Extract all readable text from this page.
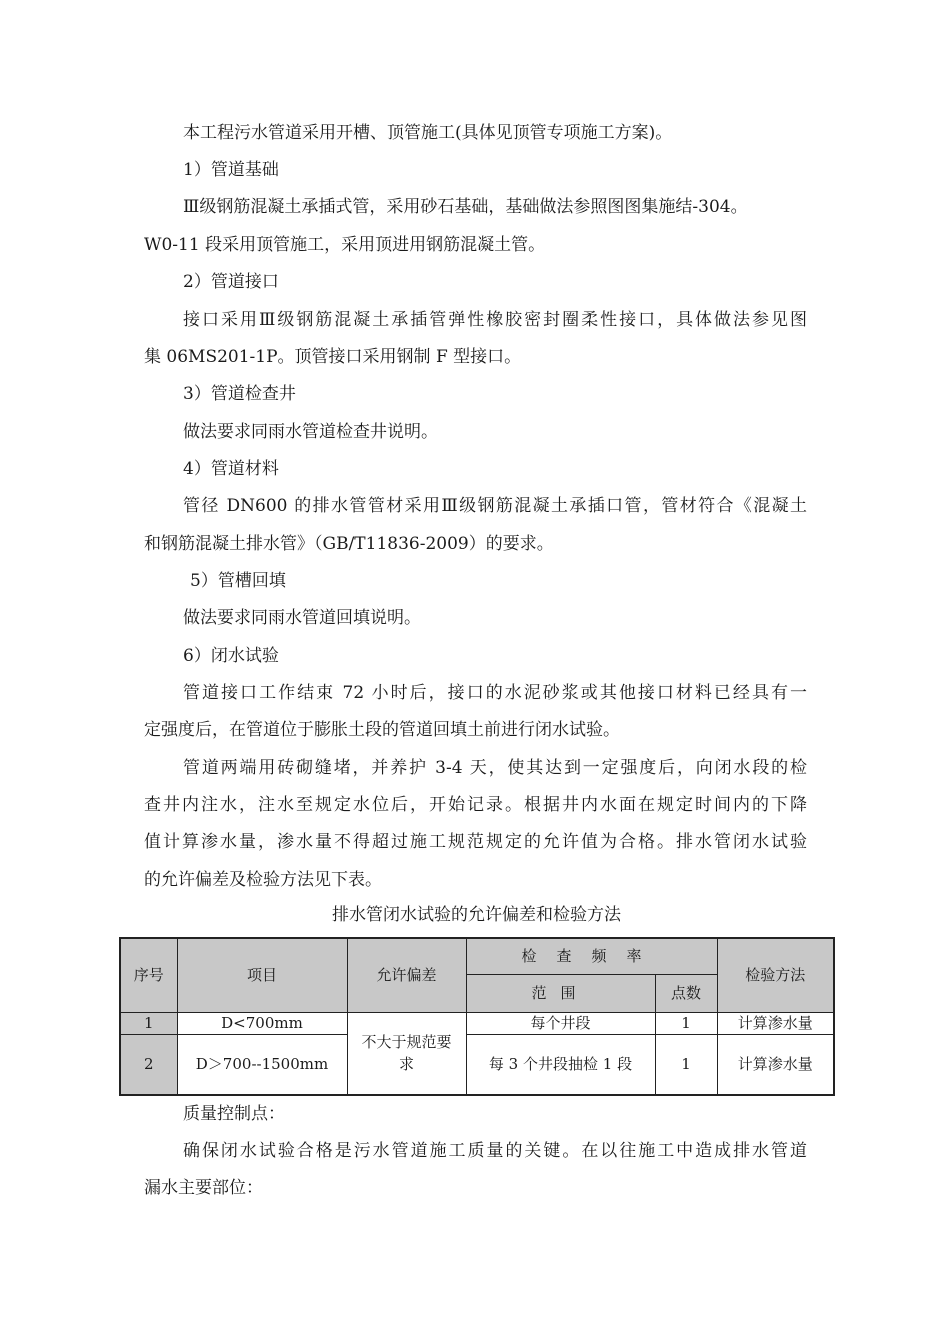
本工程污水管道采用开槽、顶管施工(具体见顶管专项施工方案)。
1）管道基础
Ⅲ级钢筋混凝土承插式管，采用砂石基础，基础做法参照图图集施结-304。
W0-11 段采用顶管施工，采用顶进用钢筋混凝土管。
2）管道接口
接口采用Ⅲ级钢筋混凝土承插管弹性橡胶密封圈柔性接口，具体做法参见图
集 06MS201-1P。顶管接口采用钢制 F 型接口。
3）管道检查井
做法要求同雨水管道检查井说明。
4）管道材料
管径 DN600 的排水管管材采用Ⅲ级钢筋混凝土承插口管，管材符合《混凝土
和钢筋混凝土排水管》（GB/T11836-2009）的要求。
5）管槽回填
做法要求同雨水管道回填说明。
6）闭水试验
管道接口工作结束 72 小时后，接口的水泥砂浆或其他接口材料已经具有一
定强度后，在管道位于膨胀土段的管道回填土前进行闭水试验。
管道两端用砖砌缝堵，并养护 3-4 天，使其达到一定强度后，向闭水段的检
查井内注水，注水至规定水位后，开始记录。根据井内水面在规定时间内的下降
值计算渗水量，渗水量不得超过施工规范规定的允许值为合格。排水管闭水试验
的允许偏差及检验方法见下表。
排水管闭水试验的允许偏差和检验方法
序号	项目	允许偏差	检查频率		检验方法
			范围	点数	
1	D<700mm	不大于规范要求	每个井段	1	计算渗水量
2	D＞700--1500mm		每 3 个井段抽检 1 段	1	计算渗水量
质量控制点：
确保闭水试验合格是污水管道施工质量的关键。在以往施工中造成排水管道
漏水主要部位：
